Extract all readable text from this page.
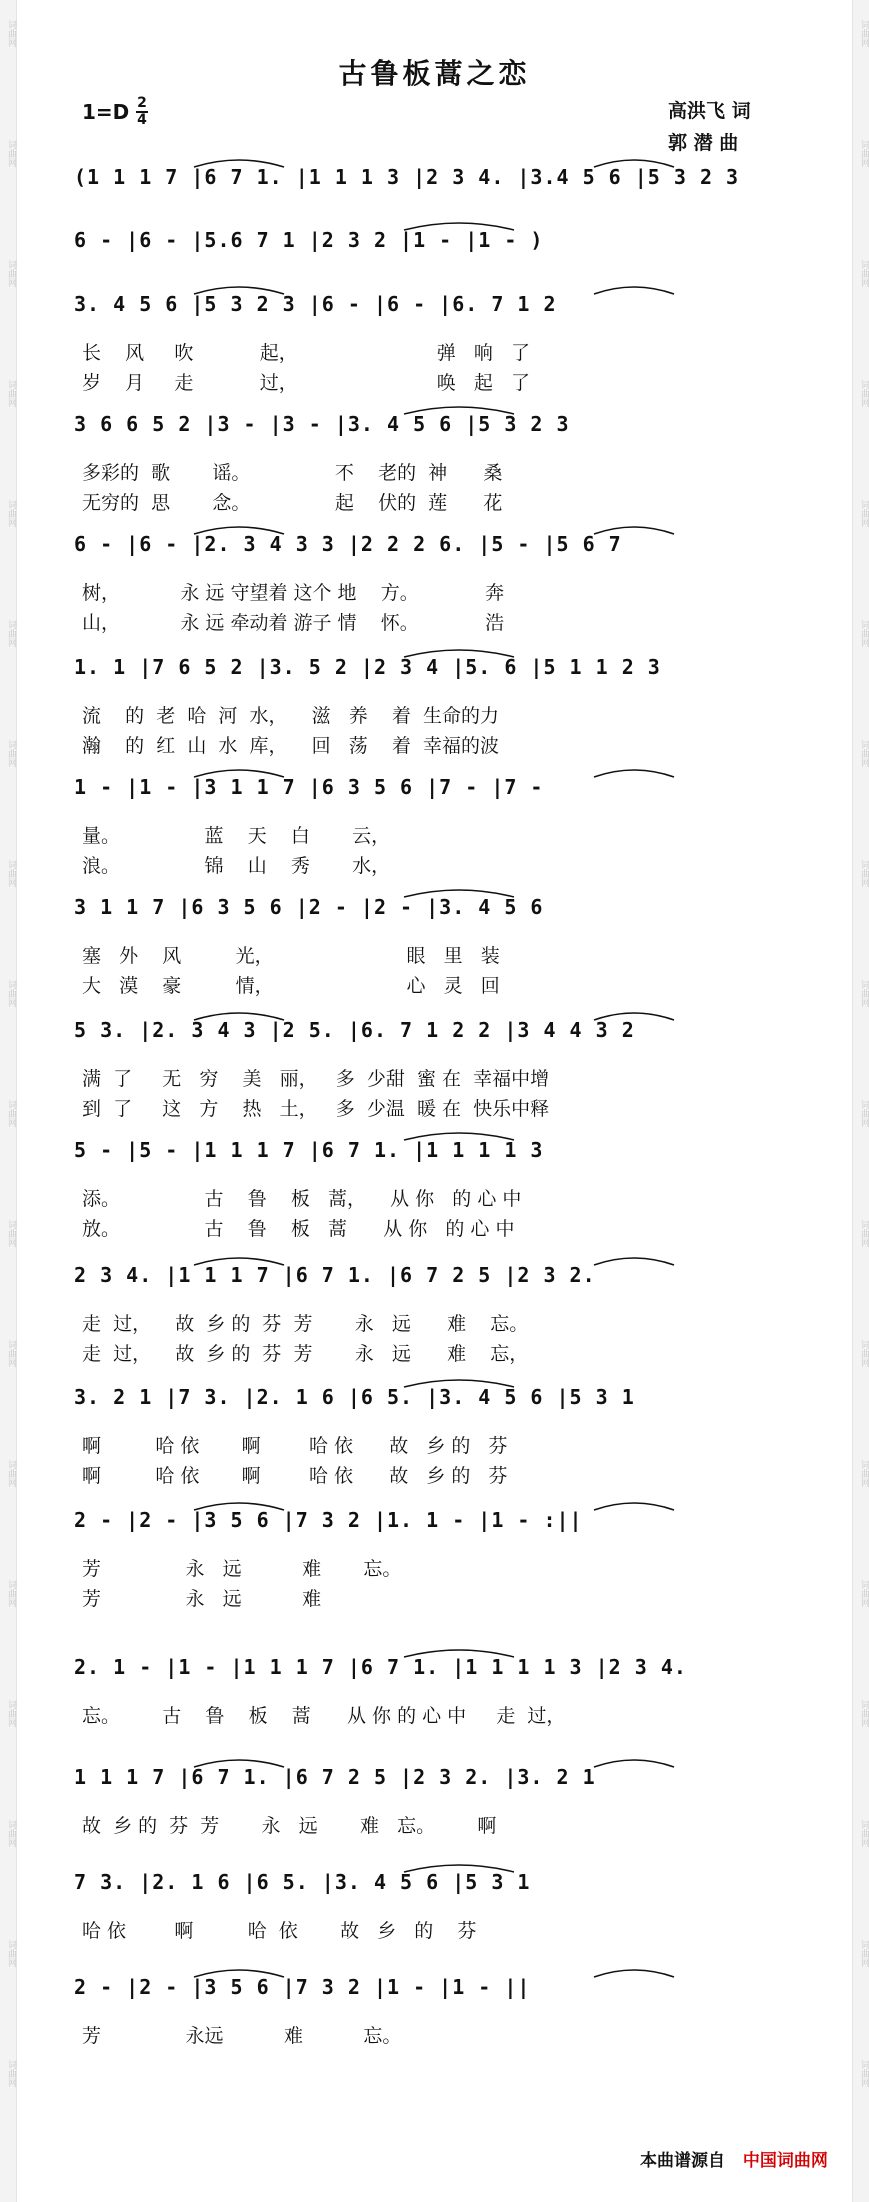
词曲网	词曲网
词曲网	词曲网
词曲网	词曲网
词曲网	词曲网
词曲网	词曲网
词曲网	词曲网
词曲网	词曲网
词曲网	词曲网
词曲网	词曲网
词曲网	词曲网
词曲网	词曲网
词曲网	词曲网
词曲网	词曲网
词曲网	词曲网
词曲网	词曲网
词曲网	词曲网
词曲网	词曲网
词曲网	词曲网
古鲁板蒿之恋
1=D 2
4	高洪飞 词
郭 潜 曲
(1 1 1 7 |6 7 1. |1 1 1 3 |2 3 4. |3.4 5 6 |5 3 2 3
6 - |6 - |5.6 7 1 |2 3 2 |1 - |1 - )
3. 4 5 6 |5 3 2 3 |6 - |6 - |6. 7 1 2
长    风     吹           起，                       弹   响   了
岁    月     走           过，                       唤   起   了
3 6 6 5 2 |3 - |3 - |3. 4 5 6 |5 3 2 3
多彩的  歌       谣。              不    老的  神      桑
无穷的  思       念。              起    伏的  莲      花
6 - |6 - |2. 3 4 3 3 |2 2 2 6. |5 - |5 6 7
树，          永 远 守望着 这个 地    方。           奔
山，          永 远 牵动着 游子 情    怀。           浩
1. 1 |7 6 5 2 |3. 5 2 |2 3 4 |5. 6 |5 1 1 2 3
流    的  老  哈  河  水，    滋   养    着  生命的力
瀚    的  红  山  水  库，    回   荡    着  幸福的波
1 - |1 - |3 1 1 7 |6 3 5 6 |7 - |7 -
量。              蓝    天    白       云，
浪。              锦    山    秀       水，
3 1 1 7 |6 3 5 6 |2 - |2 - |3. 4 5 6
塞   外    风         光，                      眼   里   装
大   漠    豪         情，                      心   灵   回
5 3. |2. 3 4 3 |2 5. |6. 7 1 2 2 |3 4 4 3 2
满  了     无   穷    美   丽，   多  少甜  蜜 在  幸福中增
到  了     这   方    热   土，   多  少温  暖 在  快乐中释
5 - |5 - |1 1 1 7 |6 7 1. |1 1 1 1 3
添。              古    鲁    板   蒿，    从 你   的 心 中
放。              古    鲁    板   蒿      从 你   的 心 中
2 3 4. |1 1 1 7 |6 7 1. |6 7 2 5 |2 3 2.
走  过，    故  乡 的  芬  芳       永   远      难    忘。
走  过，    故  乡 的  芬  芳       永   远      难    忘，
3. 2 1 |7 3. |2. 1 6 |6 5. |3. 4 5 6 |5 3 1
啊         哈 依       啊        哈 依      故   乡 的   芬
啊         哈 依       啊        哈 依      故   乡 的   芬
2 - |2 - |3 5 6 |7 3 2 |1. 1 - |1 - :||
芳              永   远          难       忘。
芳              永   远          难
2. 1 - |1 - |1 1 1 7 |6 7 1. |1 1 1 1 3 |2 3 4.
忘。       古    鲁    板    蒿      从 你 的 心 中     走  过，
1 1 1 7 |6 7 1. |6 7 2 5 |2 3 2. |3. 2 1
故  乡 的  芬  芳       永   远       难   忘。       啊
7 3. |2. 1 6 |6 5. |3. 4 5 6 |5 3 1
哈 依        啊         哈  依       故   乡   的    芬
2 - |2 - |3 5 6 |7 3 2 |1 - |1 - ||
芳              永远          难          忘。
本曲谱源自 中国词曲网
